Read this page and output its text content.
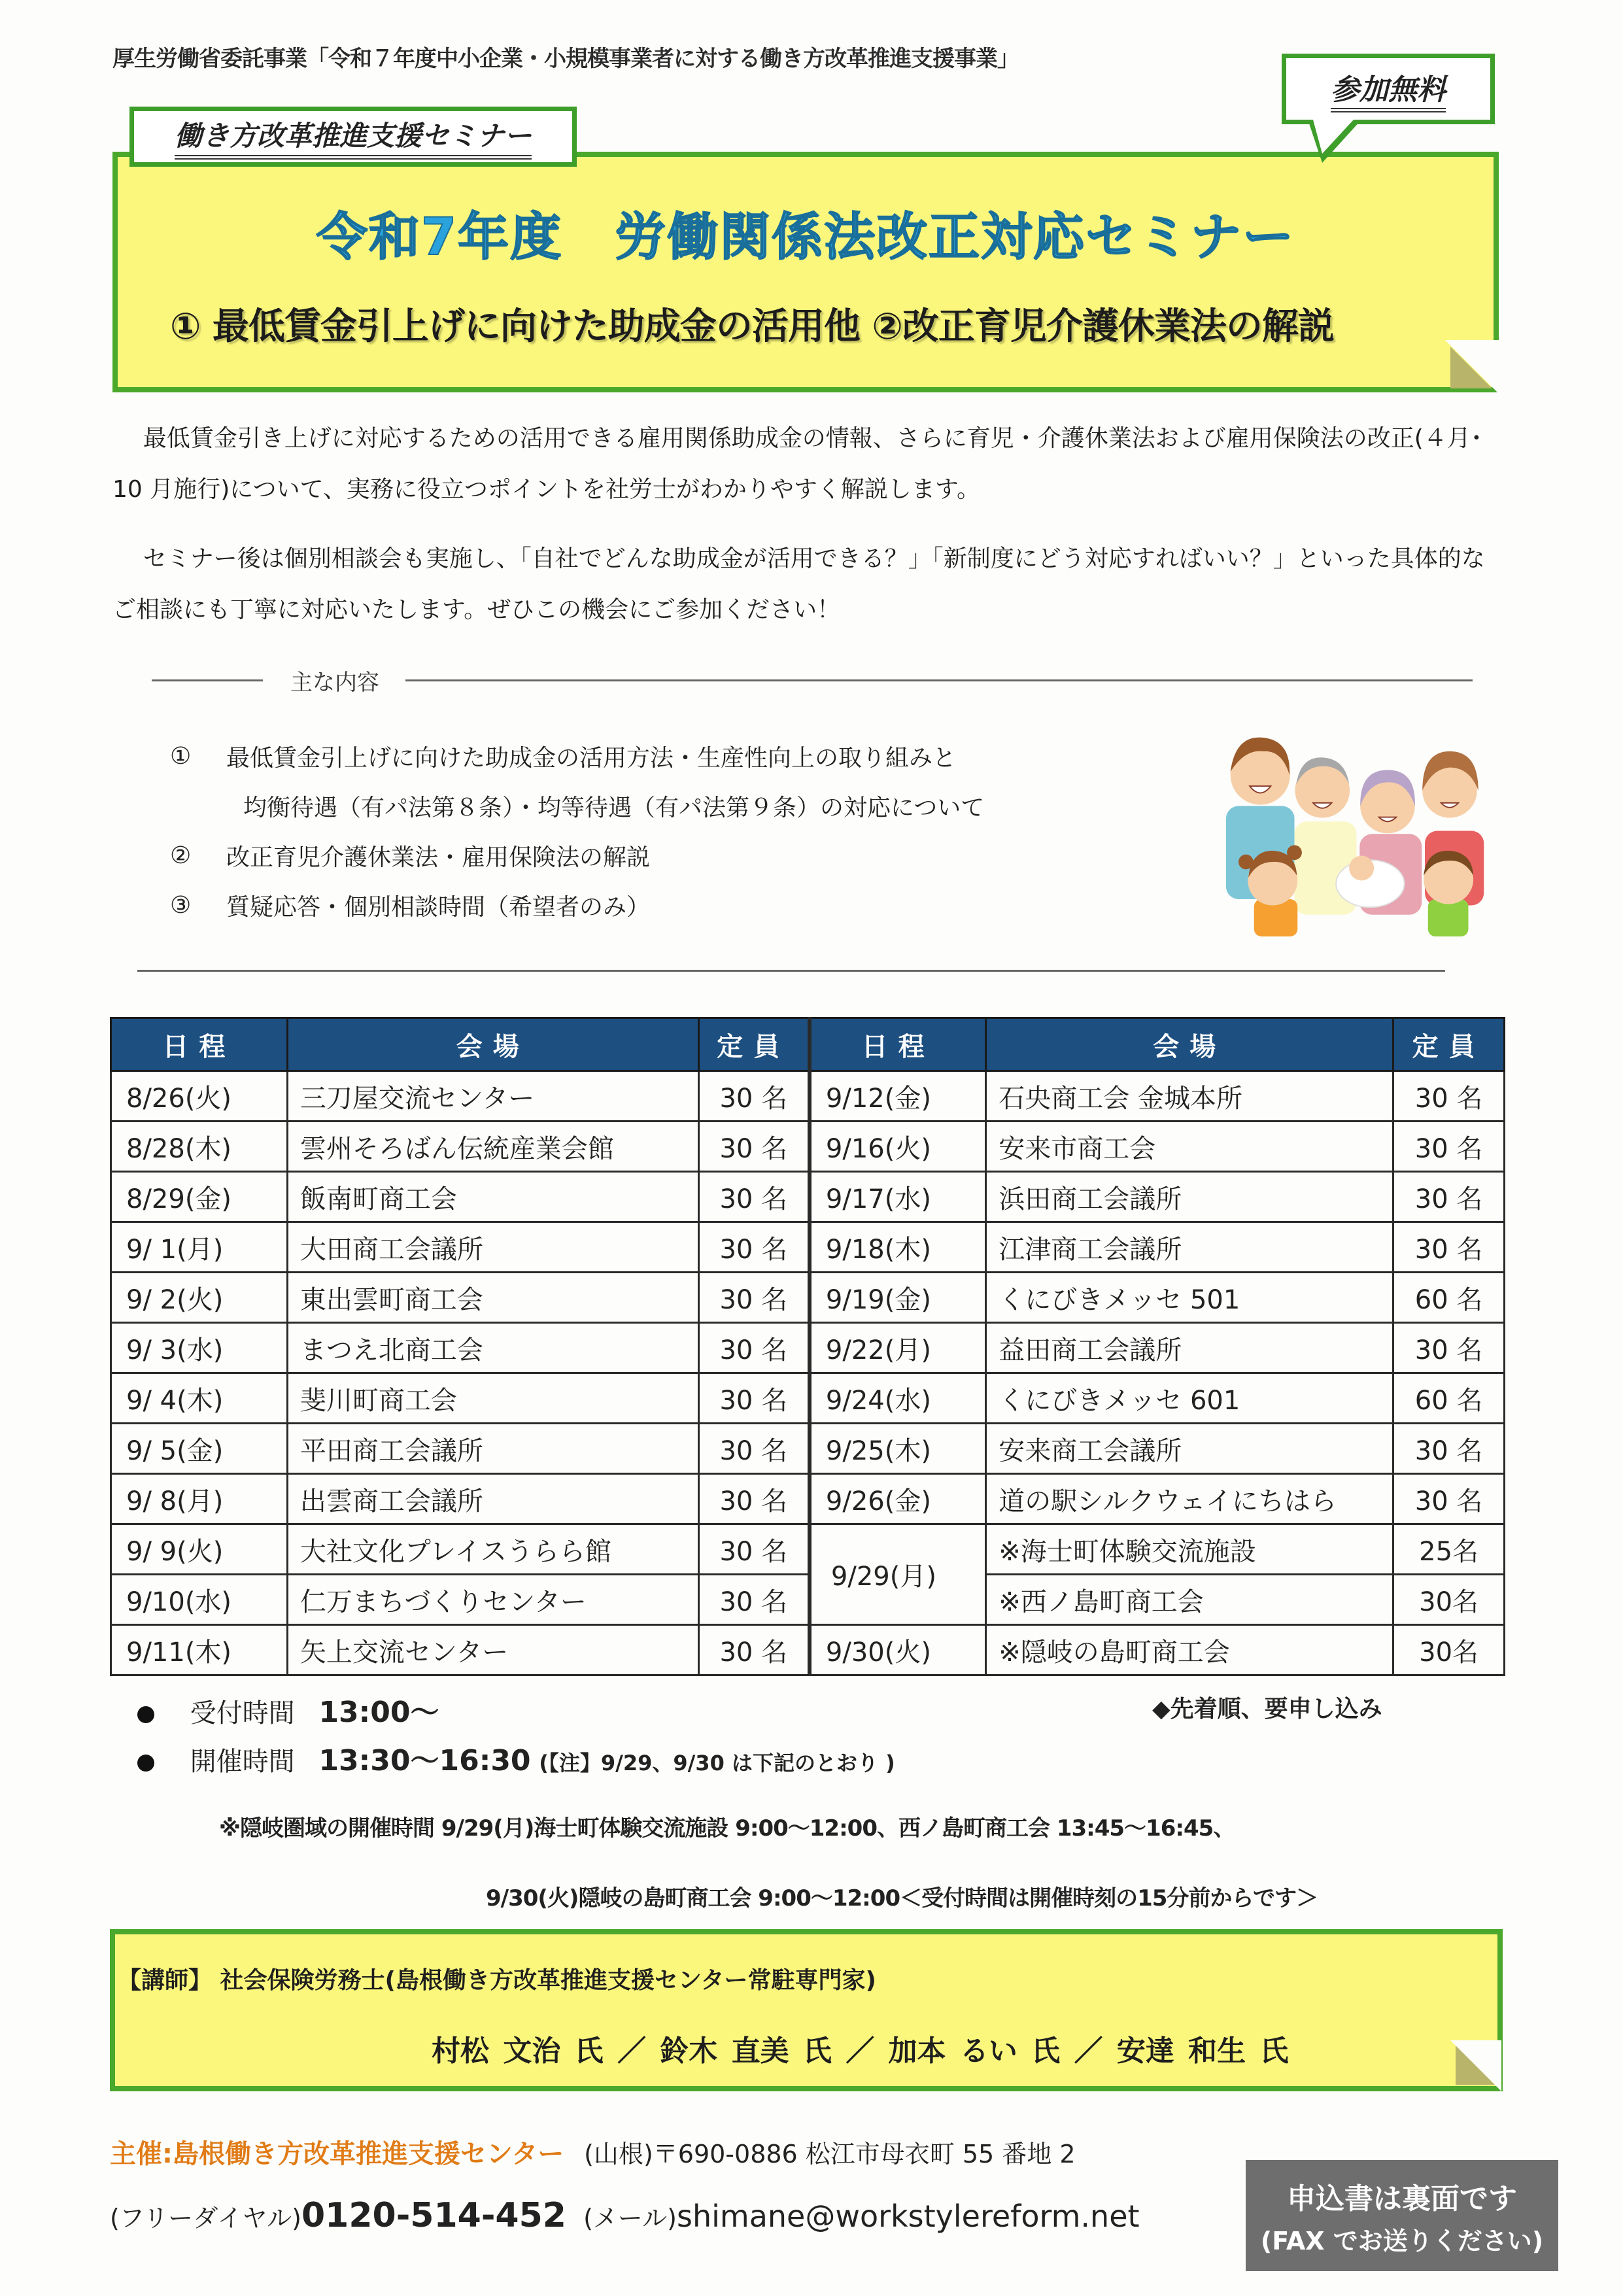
厚生労働省委託事業「令和７年度中小企業・小規模事業者に対する働き方改革推進支援事業」
働き方改革推進支援セミナー
参加無料
令和7年度　労働関係法改正対応セミナー
① 最低賃金引上げに向けた助成金の活用他 ②改正育児介護休業法の解説
最低賃金引き上げに対応するための活用できる雇用関係助成金の情報、さらに育児・介護休業法および雇用保険法の改正(４月･10 月施行)について、実務に役立つポイントを社労士がわかりやすく解説します。
セミナー後は個別相談会も実施し、「自社でどんな助成金が活用できる？」「新制度にどう対応すればいい？」といった具体的なご相談にも丁寧に対応いたします。ぜひこの機会にご参加ください！
主な内容
①	最低賃金引上げに向けた助成金の活用方法・生産性向上の取り組みと
均衡待遇（有パ法第８条）・均等待遇（有パ法第９条）の対応について
②	改正育児介護休業法・雇用保険法の解説
③	質疑応答・個別相談時間（希望者のみ）
日程	会場	定員	日程	会場	定員
8/26(火)	三刀屋交流センター	30 名	9/12(金)	石央商工会 金城本所	30 名
8/28(木)	雲州そろばん伝統産業会館	30 名	9/16(火)	安来市商工会	30 名
8/29(金)	飯南町商工会	30 名	9/17(水)	浜田商工会議所	30 名
9/ 1(月)	大田商工会議所	30 名	9/18(木)	江津商工会議所	30 名
9/ 2(火)	東出雲町商工会	30 名	9/19(金)	くにびきメッセ 501	60 名
9/ 3(水)	まつえ北商工会	30 名	9/22(月)	益田商工会議所	30 名
9/ 4(木)	斐川町商工会	30 名	9/24(水)	くにびきメッセ 601	60 名
9/ 5(金)	平田商工会議所	30 名	9/25(木)	安来商工会議所	30 名
9/ 8(月)	出雲商工会議所	30 名	9/26(金)	道の駅シルクウェイにちはら	30 名
9/ 9(火)	大社文化プレイスうらら館	30 名	9/29(月)	※海士町体験交流施設	25名
9/10(水)	仁万まちづくりセンター	30 名		※西ノ島町商工会	30名
9/11(木)	矢上交流センター	30 名	9/30(火)	※隠岐の島町商工会	30名
受付時間 13:00～	◆先着順、要申し込み
開催時間 13:30～16:30 (【注】9/29、9/30 は下記のとおり )
※隠岐圏域の開催時間 9/29(月)海士町体験交流施設 9:00～12:00、西ノ島町商工会 13:45～16:45、
9/30(火)隠岐の島町商工会 9:00～12:00＜受付時間は開催時刻の15分前からです＞
【講師】 社会保険労務士(島根働き方改革推進支援センター常駐専門家)
村松 文治 氏 ／ 鈴木 直美 氏 ／ 加本 るい 氏 ／ 安達 和生 氏
主催:島根働き方改革推進支援センター (山根)〒690-0886 松江市母衣町 55 番地 2
(フリーダイヤル)0120-514-452 (メール)shimane@workstylereform.net	申込書は裏面です
(FAX でお送りください)
